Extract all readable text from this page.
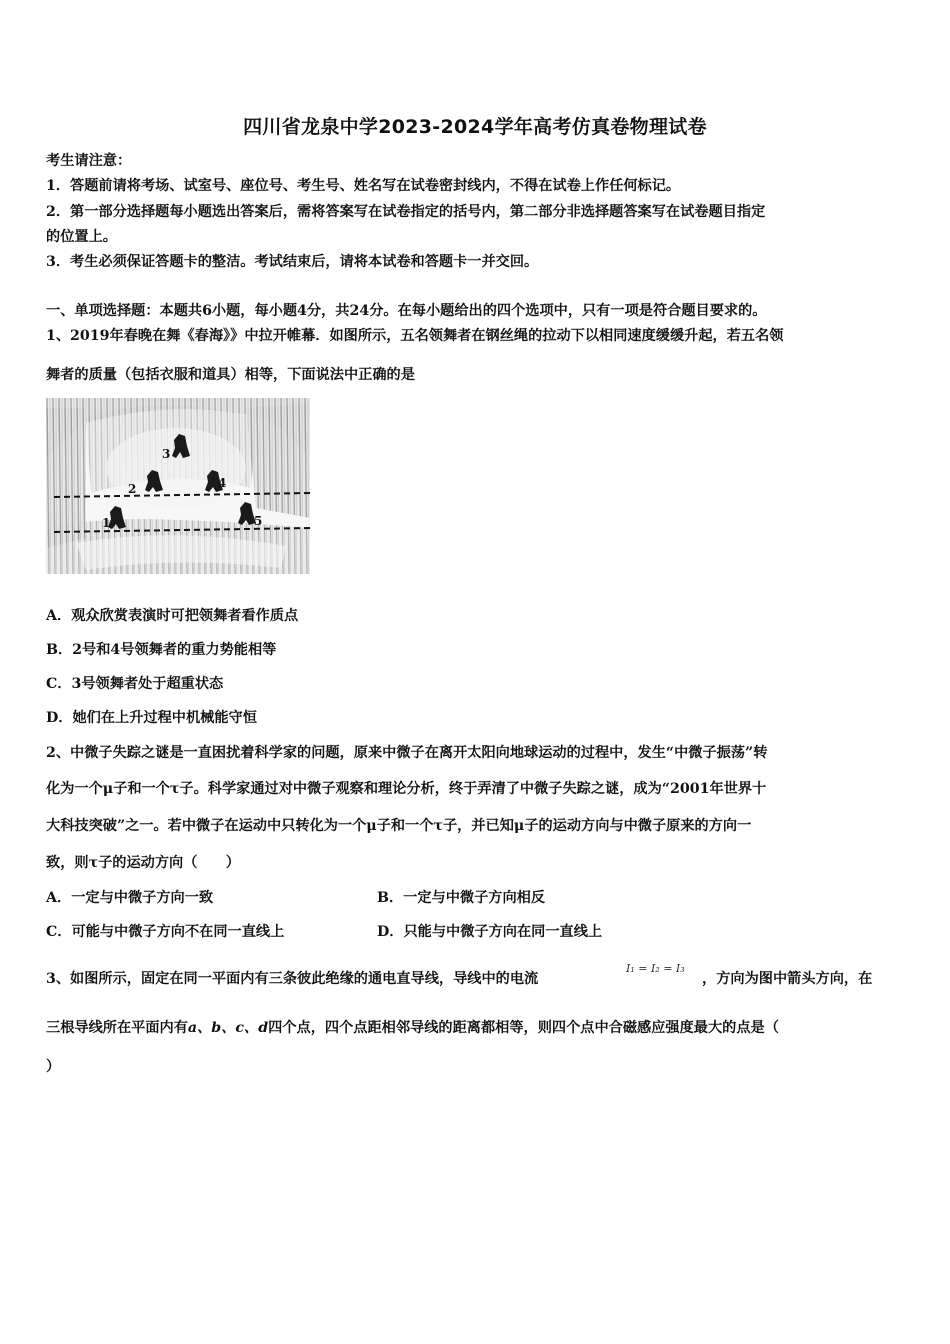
四川省龙泉中学2023-2024学年高考仿真卷物理试卷
考生请注意：
1．答题前请将考场、试室号、座位号、考生号、姓名写在试卷密封线内，不得在试卷上作任何标记。
2．第一部分选择题每小题选出答案后，需将答案写在试卷指定的括号内，第二部分非选择题答案写在试卷题目指定
的位置上。
3．考生必须保证答题卡的整洁。考试结束后，请将本试卷和答题卡一并交回。
一、单项选择题：本题共6小题，每小题4分，共24分。在每小题给出的四个选项中，只有一项是符合题目要求的。
1、2019年春晚在舞《春海》》中拉开帷幕．如图所示，五名领舞者在钢丝绳的拉动下以相同速度缓缓升起，若五名领
舞者的质量（包括衣服和道具）相等，下面说法中正确的是
3
2	4
1	5
A．观众欣赏表演时可把领舞者看作质点
B．2号和4号领舞者的重力势能相等
C．3号领舞者处于超重状态
D．她们在上升过程中机械能守恒
2、中微子失踪之谜是一直困扰着科学家的问题，原来中微子在离开太阳向地球运动的过程中，发生“中微子振荡”转
化为一个μ子和一个τ子。科学家通过对中微子观察和理论分析，终于弄清了中微子失踪之谜，成为“2001年世界十
大科技突破”之一。若中微子在运动中只转化为一个μ子和一个τ子，并已知μ子的运动方向与中微子原来的方向一
致，则τ子的运动方向（　　）
A．一定与中微子方向一致	B．一定与中微子方向相反
C．可能与中微子方向不在同一直线上	D．只能与中微子方向在同一直线上
3、如图所示，固定在同一平面内有三条彼此绝缘的通电直导线，导线中的电流
I₁ = I₂ = I₃
，方向为图中箭头方向，在
三根导线所在平面内有a、b、c、d四个点，四个点距相邻导线的距离都相等，则四个点中合磁感应强度最大的点是（
）
